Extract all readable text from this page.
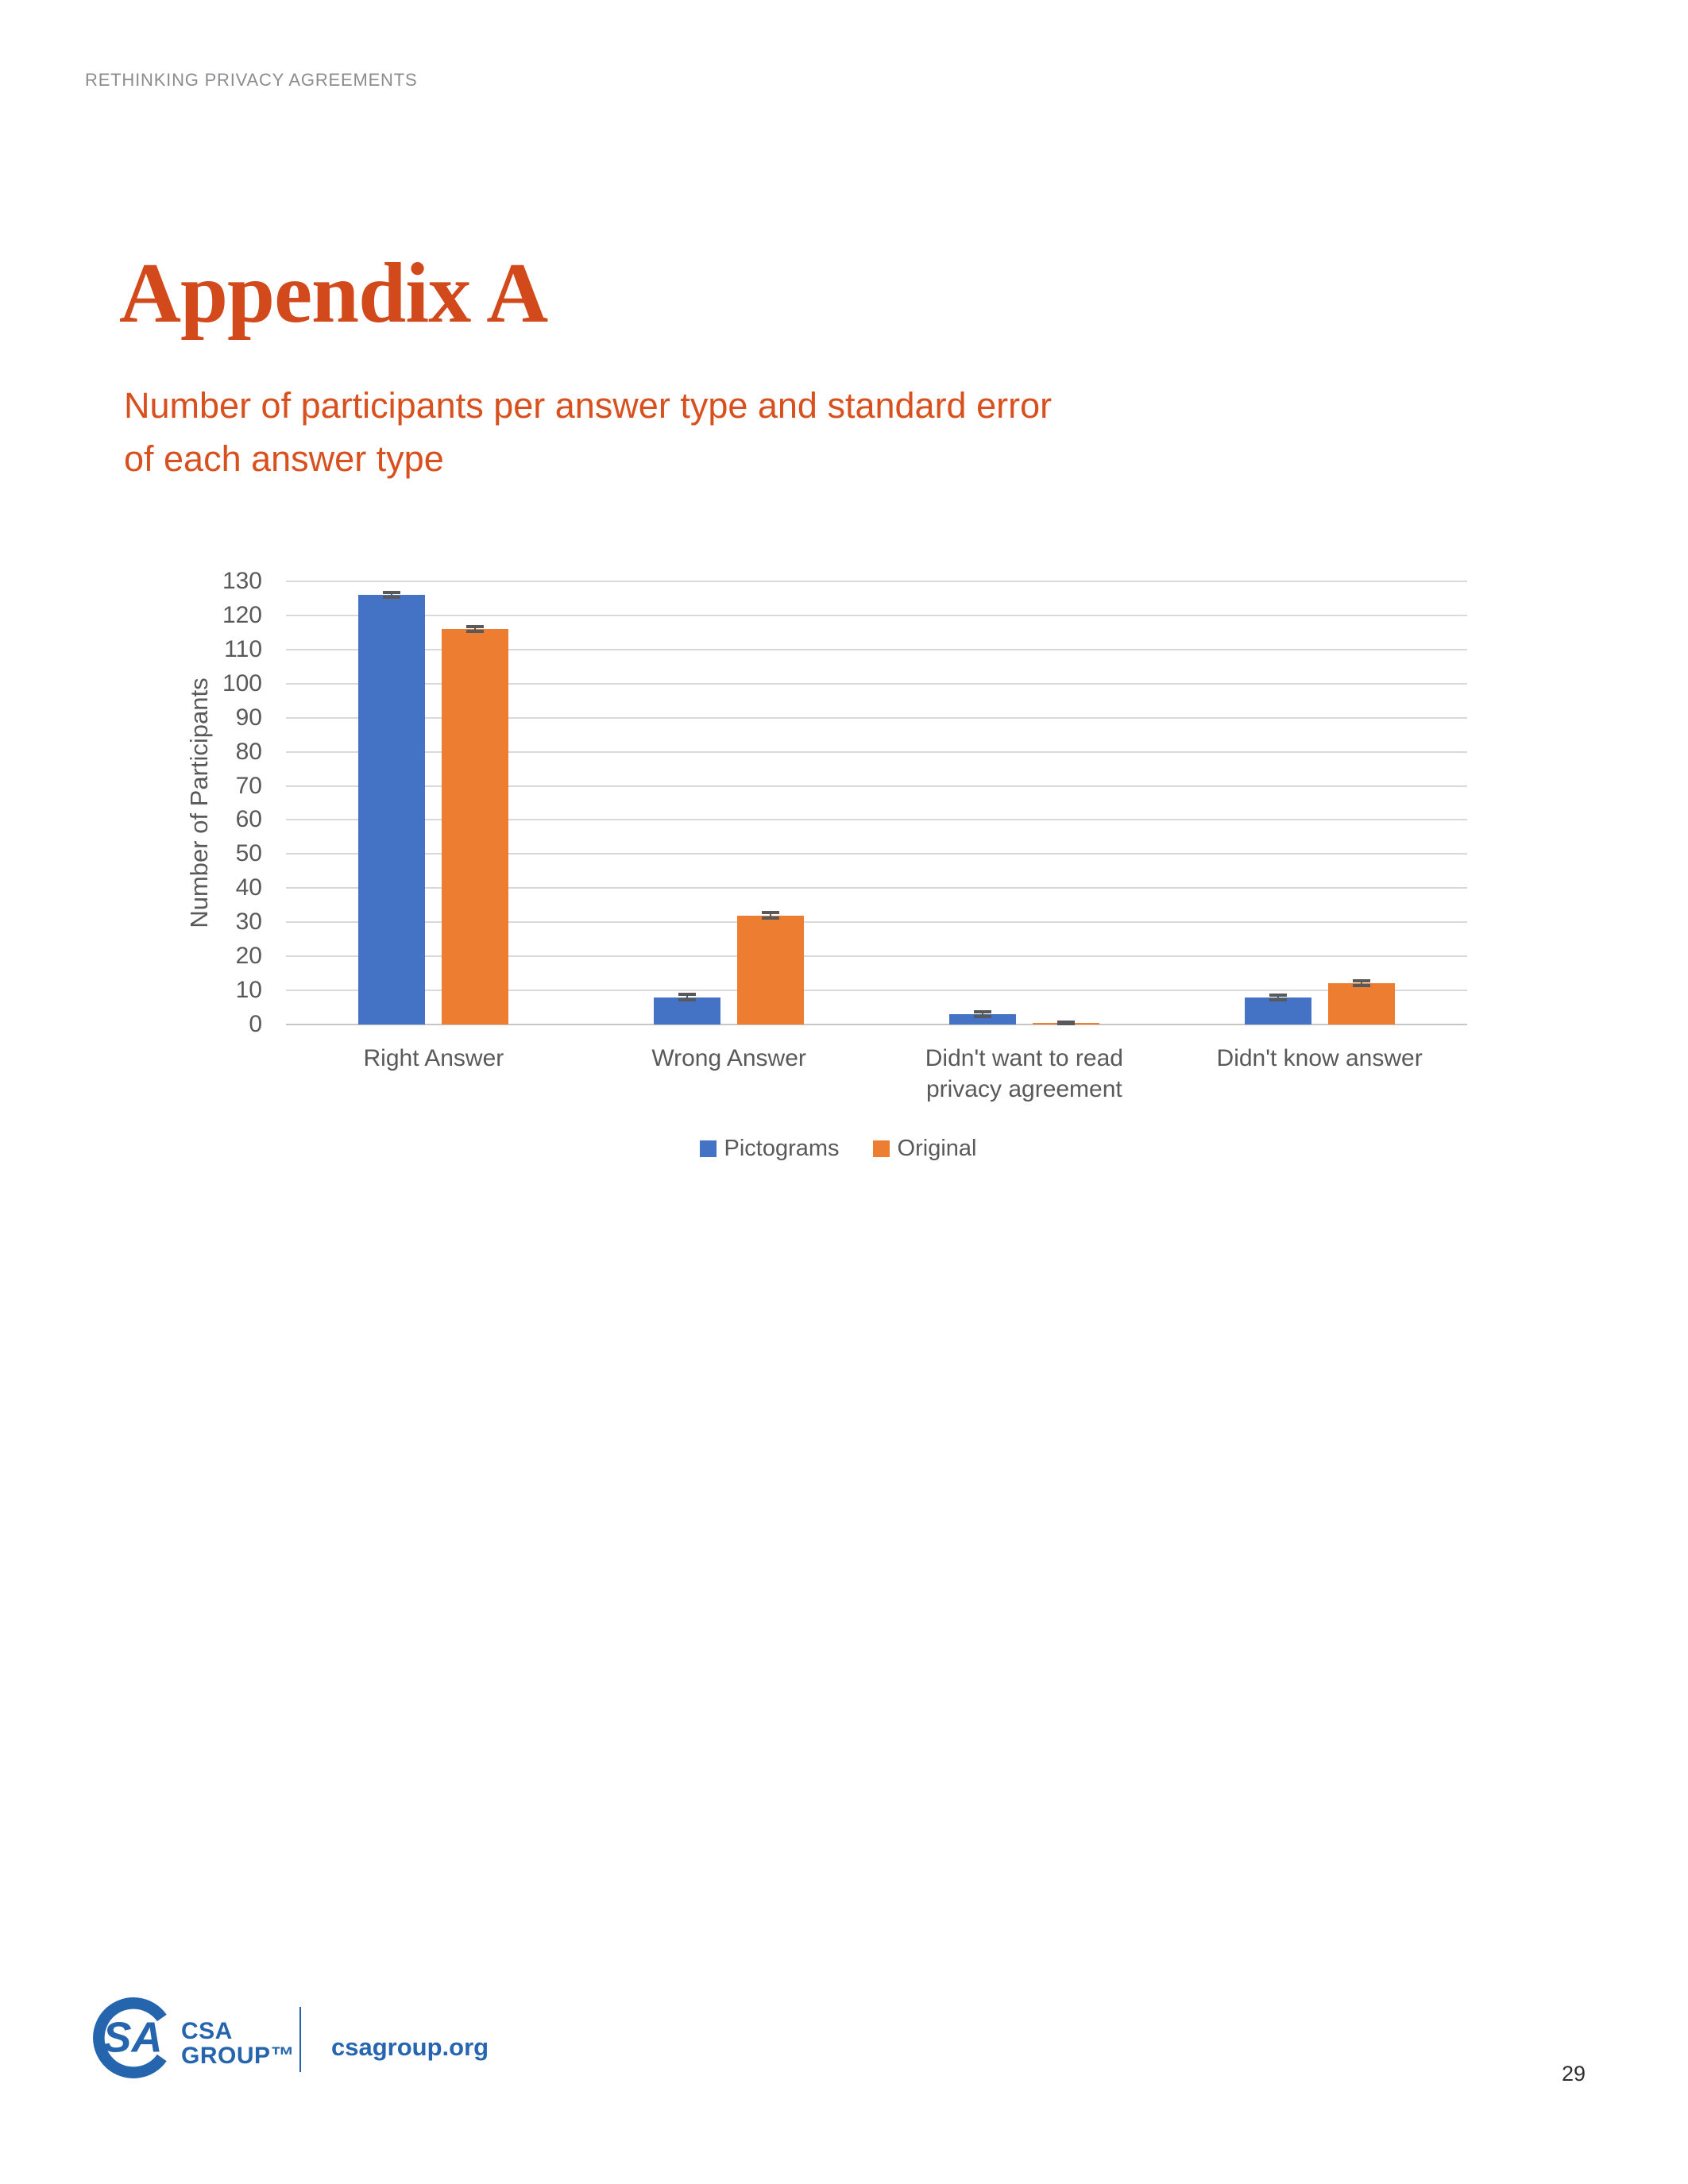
RETHINKING PRIVACY AGREEMENTS
Appendix A
Number of participants per answer type and standard error
of each answer type
Number of Participants
Pictograms	Original
0
10
20
30
40
50
60
70
80
90
100
110
120
130
Right Answer	Wrong Answer	Didn't want to read privacy agreement
Didn't know answer
SA CSA
GROUP™ csagroup.org
29
